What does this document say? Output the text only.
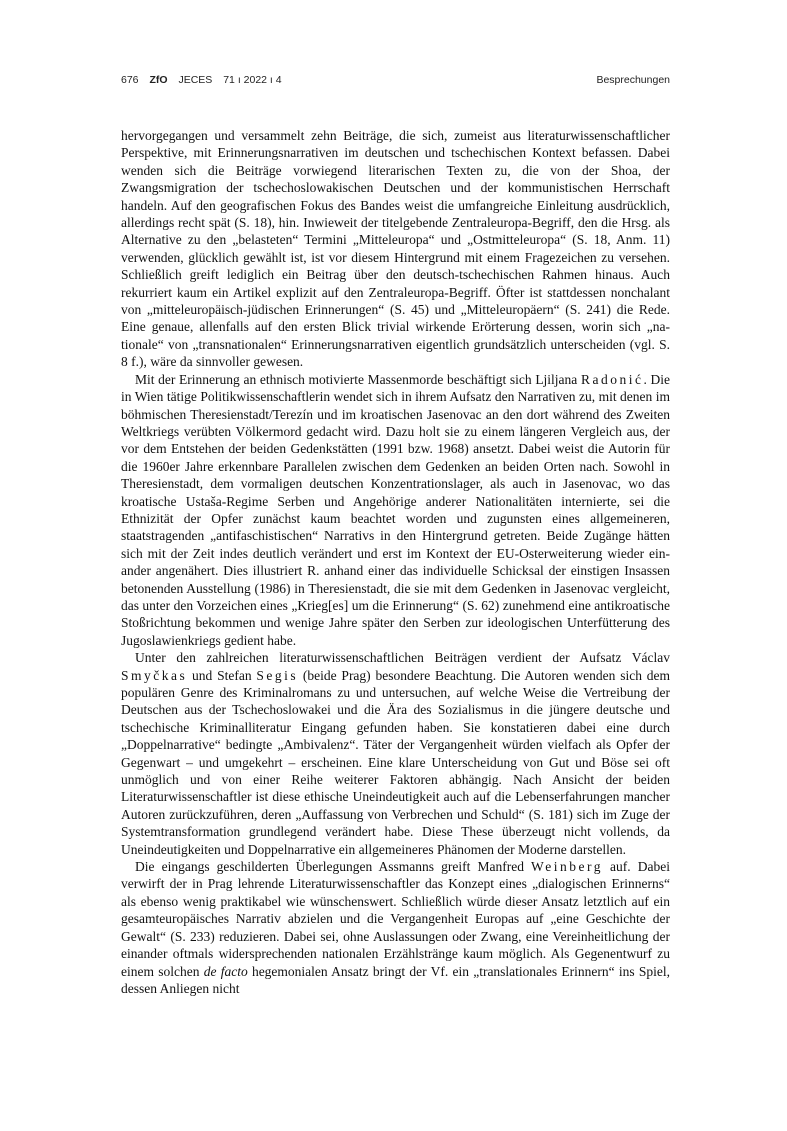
676 ZfO JECES 71 ı 2022 ı 4	Besprechungen

hervorgegangen und versammelt zehn Beiträge, die sich, zumeist aus literaturwissenschaftlicher Perspektive, mit Erinnerungsnarrativen im deutschen und tschechischen Kontext befassen. Dabei wenden sich die Beiträge vorwiegend literarischen Texten zu, die von der Shoa, der Zwangsmigration der tschechoslowakischen Deutschen und der kommunistischen Herrschaft handeln. Auf den geografischen Fokus des Bandes weist die umfangreiche Einleitung ausdrücklich, allerdings recht spät (S. 18), hin. Inwieweit der titelgebende Zentraleuropa-Begriff, den die Hrsg. als Alternative zu den „belasteten“ Termini „Mitteleuropa“ und „Ostmitteleuropa“ (S. 18, Anm. 11) verwenden, glücklich gewählt ist, ist vor diesem Hintergrund mit einem Fragezeichen zu versehen. Schließlich greift lediglich ein Beitrag über den deutsch-tschechischen Rahmen hinaus. Auch rekurriert kaum ein Artikel explizit auf den Zentraleuropa-Begriff. Öfter ist stattdessen nonchalant von „mitteleuropäisch-jüdischen Erinnerungen“ (S. 45) und „Mitteleuropäern“ (S. 241) die Rede. Eine genaue, allenfalls auf den ersten Blick trivial wirkende Erörterung dessen, worin sich „nationale“ von „transnationalen“ Erinnerungsnarrativen eigentlich grundsätzlich unterscheiden (vgl. S. 8 f.), wäre da sinnvoller gewesen.

Mit der Erinnerung an ethnisch motivierte Massenmorde beschäftigt sich Ljiljana Radonić. Die in Wien tätige Politikwissenschaftlerin wendet sich in ihrem Aufsatz den Narrativen zu, mit denen im böhmischen Theresienstadt/Terezín und im kroatischen Jasenovac an den dort während des Zweiten Weltkriegs verübten Völkermord gedacht wird. Dazu holt sie zu einem längeren Vergleich aus, der vor dem Entstehen der beiden Gedenkstätten (1991 bzw. 1968) ansetzt. Dabei weist die Autorin für die 1960er Jahre erkennbare Parallelen zwischen dem Gedenken an beiden Orten nach. Sowohl in Theresienstadt, dem vormaligen deutschen Konzentrationslager, als auch in Jasenovac, wo das kroatische Ustaša-Regime Serben und Angehörige anderer Nationalitäten internierte, sei die Ethnizität der Opfer zunächst kaum beachtet worden und zugunsten eines allgemeineren, staatstragenden „antifaschistischen“ Narrativs in den Hintergrund getreten. Beide Zugänge hätten sich mit der Zeit indes deutlich verändert und erst im Kontext der EU-Osterweiterung wieder einander angenähert. Dies illustriert R. anhand einer das individuelle Schicksal der einstigen Insassen betonenden Ausstellung (1986) in Theresienstadt, die sie mit dem Gedenken in Jasenovac vergleicht, das unter den Vorzeichen eines „Krieg[es] um die Erinnerung“ (S. 62) zunehmend eine antikroatische Stoßrichtung bekommen und wenige Jahre später den Serben zur ideologischen Unterfütterung des Jugoslawienkriegs gedient habe.

Unter den zahlreichen literaturwissenschaftlichen Beiträgen verdient der Aufsatz Václav Smyčkas und Stefan Segis (beide Prag) besondere Beachtung. Die Autoren wenden sich dem populären Genre des Kriminalromans zu und untersuchen, auf welche Weise die Vertreibung der Deutschen aus der Tschechoslowakei und die Ära des Sozialismus in die jüngere deutsche und tschechische Kriminalliteratur Eingang gefunden haben. Sie konstatieren dabei eine durch „Doppelnarrative“ bedingte „Ambivalenz“. Täter der Vergangenheit würden vielfach als Opfer der Gegenwart – und umgekehrt – erscheinen. Eine klare Unterscheidung von Gut und Böse sei oft unmöglich und von einer Reihe weiterer Faktoren abhängig. Nach Ansicht der beiden Literaturwissenschaftler ist diese ethische Uneindeutigkeit auch auf die Lebenserfahrungen mancher Autoren zurückzuführen, deren „Auffassung von Verbrechen und Schuld“ (S. 181) sich im Zuge der Systemtransformation grundlegend verändert habe. Diese These überzeugt nicht vollends, da Uneindeutigkeiten und Doppelnarrative ein allgemeineres Phänomen der Moderne darstellen.

Die eingangs geschilderten Überlegungen Assmanns greift Manfred Weinberg auf. Dabei verwirft der in Prag lehrende Literaturwissenschaftler das Konzept eines „dialogischen Erinnerns“ als ebenso wenig praktikabel wie wünschenswert. Schließlich würde dieser Ansatz letztlich auf ein gesamteuropäisches Narrativ abzielen und die Vergangenheit Europas auf „eine Geschichte der Gewalt“ (S. 233) reduzieren. Dabei sei, ohne Auslassungen oder Zwang, eine Vereinheitlichung der einander oftmals widersprechenden nationalen Erzählstränge kaum möglich. Als Gegenentwurf zu einem solchen de facto hegemonialen Ansatz bringt der Vf. ein „translationales Erinnern“ ins Spiel, dessen Anliegen nicht
